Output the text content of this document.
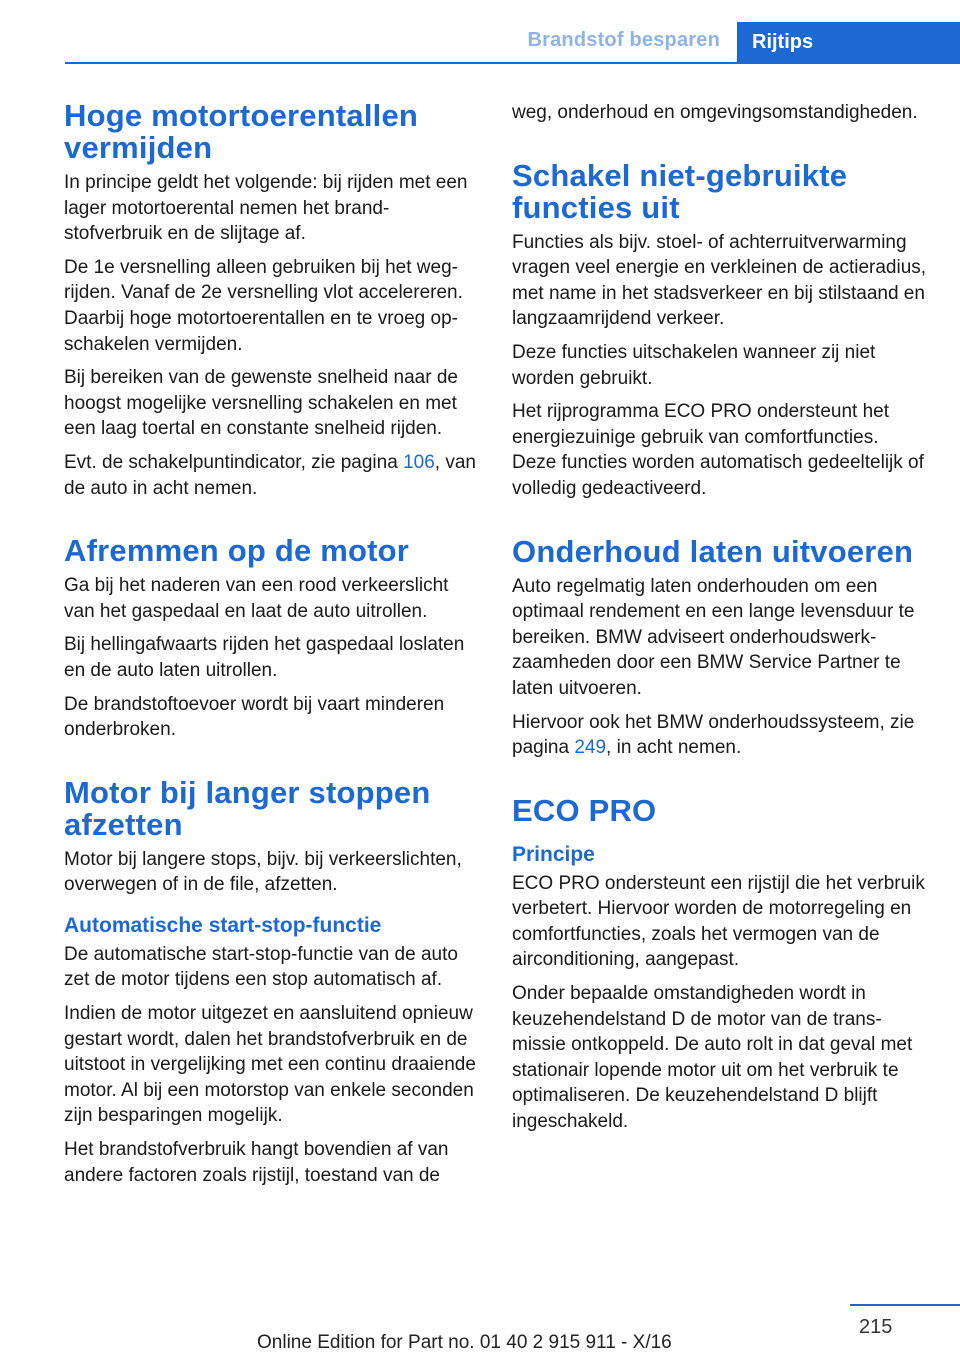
Brandstof besparen	Rijtips
Hoge motortoerentallen vermijden

In principe geldt het volgende: bij rijden met een lager motortoerental nemen het brandstofverbruik en de slijtage af.

De 1e versnelling alleen gebruiken bij het wegrijden. Vanaf de 2e versnelling vlot accelereren. Daarbij hoge motortoerentallen en te vroeg opschakelen vermijden.

Bij bereiken van de gewenste snelheid naar de hoogst mogelijke versnelling schakelen en met een laag toertal en constante snelheid rijden.

Evt. de schakelpuntindicator, zie pagina 106, van de auto in acht nemen.

Afremmen op de motor

Ga bij het naderen van een rood verkeerslicht van het gaspedaal en laat de auto uitrollen.

Bij hellingafwaarts rijden het gaspedaal loslaten en de auto laten uitrollen.

De brandstoftoevoer wordt bij vaart minderen onderbroken.

Motor bij langer stoppen afzetten

Motor bij langere stops, bijv. bij verkeerslichten, overwegen of in de file, afzetten.

Automatische start-stop-functie

De automatische start-stop-functie van de auto zet de motor tijdens een stop automatisch af.

Indien de motor uitgezet en aansluitend opnieuw gestart wordt, dalen het brandstofverbruik en de uitstoot in vergelijking met een continu draaiende motor. Al bij een motorstop van enkele seconden zijn besparingen mogelijk.

Het brandstofverbruik hangt bovendien af van andere factoren zoals rijstijl, toestand van de

weg, onderhoud en omgevingsomstandigheden.

Schakel niet-gebruikte functies uit

Functies als bijv. stoel- of achterruitverwarming vragen veel energie en verkleinen de actieradius, met name in het stadsverkeer en bij stilstaand en langzaamrijdend verkeer.

Deze functies uitschakelen wanneer zij niet worden gebruikt.

Het rijprogramma ECO PRO ondersteunt het energiezuinige gebruik van comfortfuncties. Deze functies worden automatisch gedeeltelijk of volledig gedeactiveerd.

Onderhoud laten uitvoeren

Auto regelmatig laten onderhouden om een optimaal rendement en een lange levensduur te bereiken. BMW adviseert onderhoudswerkzaamheden door een BMW Service Partner te laten uitvoeren.

Hiervoor ook het BMW onderhoudssysteem, zie pagina 249, in acht nemen.

ECO PRO
Principe

ECO PRO ondersteunt een rijstijl die het verbruik verbetert. Hiervoor worden de motorregeling en comfortfuncties, zoals het vermogen van de airconditioning, aangepast.

Onder bepaalde omstandigheden wordt in keuzehendelstand D de motor van de transmissie ontkoppeld. De auto rolt in dat geval met stationair lopende motor uit om het verbruik te optimaliseren. De keuzehendelstand D blijft ingeschakeld.

215
Online Edition for Part no. 01 40 2 915 911 - X/16
